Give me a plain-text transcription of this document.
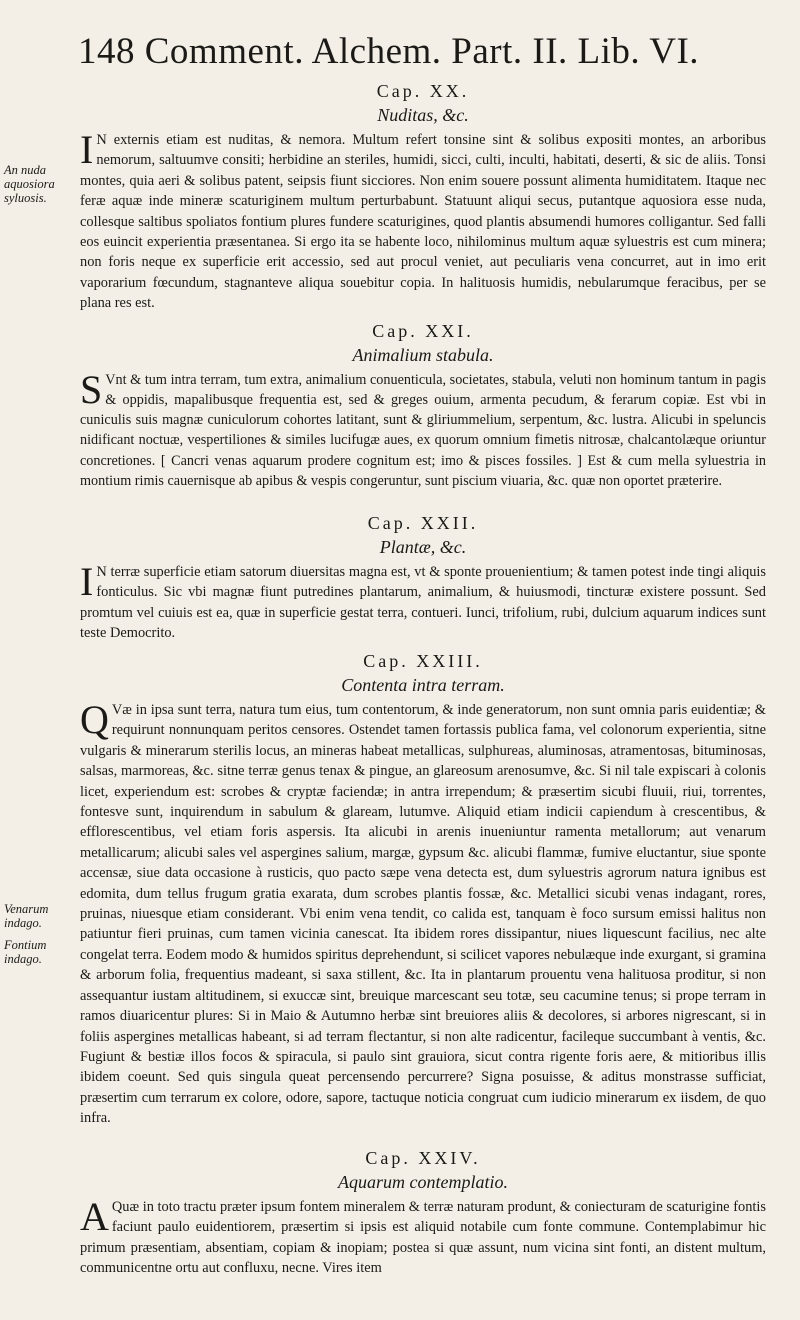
148 Comment. Alchem. Part. II. Lib. VI.
An nuda aquosiora syluosis.
Venarum indago.
Fontium indago.

Cap. XX.

Nuditas, &c.

I N externis etiam est nuditas, & nemora. Multum refert tonsine sint & solibus expositi montes, an arboribus nemorum, saltuumve consiti; herbidine an steriles, humidi, sicci, culti, inculti, habitati, deserti, & sic de aliis. Tonsi montes, quia aeri & solibus patent, seipsis fiunt sicciores. Non enim souere possunt alimenta humiditatem. Itaque nec feræ aquæ inde mineræ scaturiginem multum perturbabunt. Statuunt aliqui secus, putantque aquosiora esse nuda, collesque saltibus spoliatos fontium plures fundere scaturigines, quod plantis absumendi humores colligantur. Sed falli eos euincit experientia præsentanea. Si ergo ita se habente loco, nihilominus multum aquæ syluestris est cum minera; non foris neque ex superficie erit accessio, sed aut procul veniet, aut peculiaris vena concurret, aut in imo erit vaporarium fœcundum, stagnanteve aliqua souebitur copia. In halituosis humidis, nebularumque feracibus, per se plana res est.

Cap. XXI.

Animalium stabula.

S Vnt & tum intra terram, tum extra, animalium conuenticula, societates, stabula, veluti non hominum tantum in pagis & oppidis, mapalibusque frequentia est, sed & greges ouium, armenta pecudum, & ferarum copiæ. Est vbi in cuniculis suis magnæ cuniculorum cohortes latitant, sunt & gliriummelium, serpentum, &c. lustra. Alicubi in speluncis nidificant noctuæ, vespertiliones & similes lucifugæ aues, ex quorum omnium fimetis nitrosæ, chalcantolæque oriuntur concretiones. [ Cancri venas aquarum prodere cognitum est; imo & pisces fossiles. ] Est & cum mella syluestria in montium rimis cauernisque ab apibus & vespis congeruntur, sunt piscium viuaria, &c. quæ non oportet præterire.

Cap. XXII.

Plantæ, &c.

I N terræ superficie etiam satorum diuersitas magna est, vt & sponte prouenientium; & tamen potest inde tingi aliquis fonticulus. Sic vbi magnæ fiunt putredines plantarum, animalium, & huiusmodi, tincturæ existere possunt. Sed promtum vel cuiuis est ea, quæ in superficie gestat terra, contueri. Iunci, trifolium, rubi, dulcium aquarum indices sunt teste Democrito.

Cap. XXIII.

Contenta intra terram.

Q Væ in ipsa sunt terra, natura tum eius, tum contentorum, & inde generatorum, non sunt omnia paris euidentiæ; & requirunt nonnunquam peritos censores. Ostendet tamen fortassis publica fama, vel colonorum experientia, sitne vulgaris & minerarum sterilis locus, an mineras habeat metallicas, sulphureas, aluminosas, atramentosas, bituminosas, salsas, marmoreas, &c. sitne terræ genus tenax & pingue, an glareosum arenosumve, &c. Si nil tale expiscari à colonis licet, experiendum est: scrobes & cryptæ faciendæ; in antra irrependum; & præsertim sicubi fluuii, riui, torrentes, fontesve sunt, inquirendum in sabulum & glaream, lutumve. Aliquid etiam indicii capiendum à crescentibus, & efflorescentibus, vel etiam foris aspersis. Ita alicubi in arenis inueniuntur ramenta metallorum; aut venarum metallicarum; alicubi sales vel aspergines salium, margæ, gypsum &c. alicubi flammæ, fumive eluctantur, siue sponte accensæ, siue data occasione à rusticis, quo pacto sæpe vena detecta est, dum syluestris agrorum natura ignibus est edomita, dum tellus frugum gratia exarata, dum scrobes plantis fossæ, &c. Metallici sicubi venas indagant, rores, pruinas, niuesque etiam considerant. Vbi enim vena tendit, co calida est, tanquam è foco sursum emissi halitus non patiuntur fieri pruinas, cum tamen vicinia canescat. Ita ibidem rores dissipantur, niues liquescunt facilius, nec alte congelat terra. Eodem modo & humidos spiritus deprehendunt, si scilicet vapores nebulæque inde exurgant, si gramina & arborum folia, frequentius madeant, si saxa stillent, &c. Ita in plantarum prouentu vena halituosa proditur, si non assequantur iustam altitudinem, si exuccæ sint, breuique marcescant seu totæ, seu cacumine tenus; si prope terram in ramos diuaricentur plures: Si in Maio & Autumno herbæ sint breuiores aliis & decolores, si arbores nigrescant, si in foliis aspergines metallicas habeant, si ad terram flectantur, si non alte radicentur, facileque succumbant à ventis, &c. Fugiunt & bestiæ illos focos & spiracula, si paulo sint grauiora, sicut contra rigente foris aere, & mitioribus illis ibidem coeunt. Sed quis singula queat percensendo percurrere? Signa posuisse, & aditus monstrasse sufficiat, præsertim cum terrarum ex colore, odore, sapore, tactuque noticia congruat cum iudicio minerarum ex iisdem, de quo infra.

Cap. XXIV.

Aquarum contemplatio.

A Quæ in toto tractu præter ipsum fontem mineralem & terræ naturam produnt, & coniecturam de scaturigine fontis faciunt paulo euidentiorem, præsertim si ipsis est aliquid notabile cum fonte commune. Contemplabimur hic primum præsentiam, absentiam, copiam & inopiam; postea si quæ assunt, num vicina sint fonti, an distent multum, communicentne ortu aut confluxu, necne. Vires item
